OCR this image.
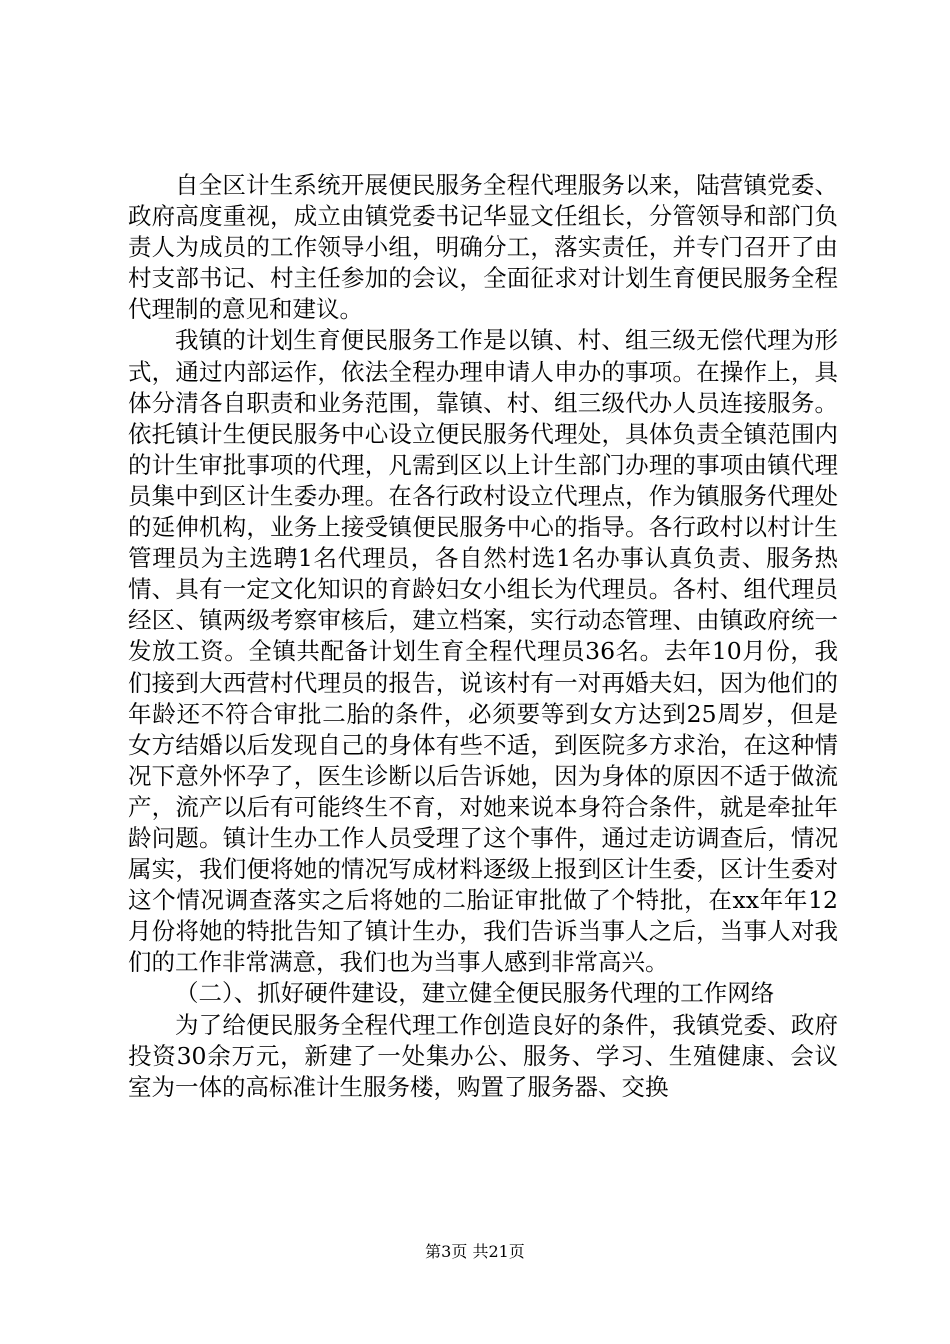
自全区计生系统开展便民服务全程代理服务以来，陆营镇党委、政府高度重视，成立由镇党委书记华显文任组长，分管领导和部门负责人为成员的工作领导小组，明确分工，落实责任，并专门召开了由村支部书记、村主任参加的会议，全面征求对计划生育便民服务全程代理制的意见和建议。

我镇的计划生育便民服务工作是以镇、村、组三级无偿代理为形式，通过内部运作，依法全程办理申请人申办的事项。在操作上，具体分清各自职责和业务范围，靠镇、村、组三级代办人员连接服务。依托镇计生便民服务中心设立便民服务代理处，具体负责全镇范围内的计生审批事项的代理，凡需到区以上计生部门办理的事项由镇代理员集中到区计生委办理。在各行政村设立代理点，作为镇服务代理处的延伸机构，业务上接受镇便民服务中心的指导。各行政村以村计生管理员为主选聘1名代理员，各自然村选1名办事认真负责、服务热情、具有一定文化知识的育龄妇女小组长为代理员。各村、组代理员经区、镇两级考察审核后，建立档案，实行动态管理、由镇政府统一发放工资。全镇共配备计划生育全程代理员36名。去年10月份，我们接到大西营村代理员的报告，说该村有一对再婚夫妇，因为他们的年龄还不符合审批二胎的条件，必须要等到女方达到25周岁，但是女方结婚以后发现自己的身体有些不适，到医院多方求治，在这种情况下意外怀孕了，医生诊断以后告诉她，因为身体的原因不适于做流产，流产以后有可能终生不育，对她来说本身符合条件，就是牵扯年龄问题。镇计生办工作人员受理了这个事件，通过走访调查后，情况属实，我们便将她的情况写成材料逐级上报到区计生委，区计生委对这个情况调查落实之后将她的二胎证审批做了个特批，在xx年年12月份将她的特批告知了镇计生办，我们告诉当事人之后，当事人对我们的工作非常满意，我们也为当事人感到非常高兴。

（二）、抓好硬件建设，建立健全便民服务代理的工作网络

为了给便民服务全程代理工作创造良好的条件，我镇党委、政府投资30余万元，新建了一处集办公、服务、学习、生殖健康、会议室为一体的高标准计生服务楼，购置了服务器、交换

第3页 共21页
